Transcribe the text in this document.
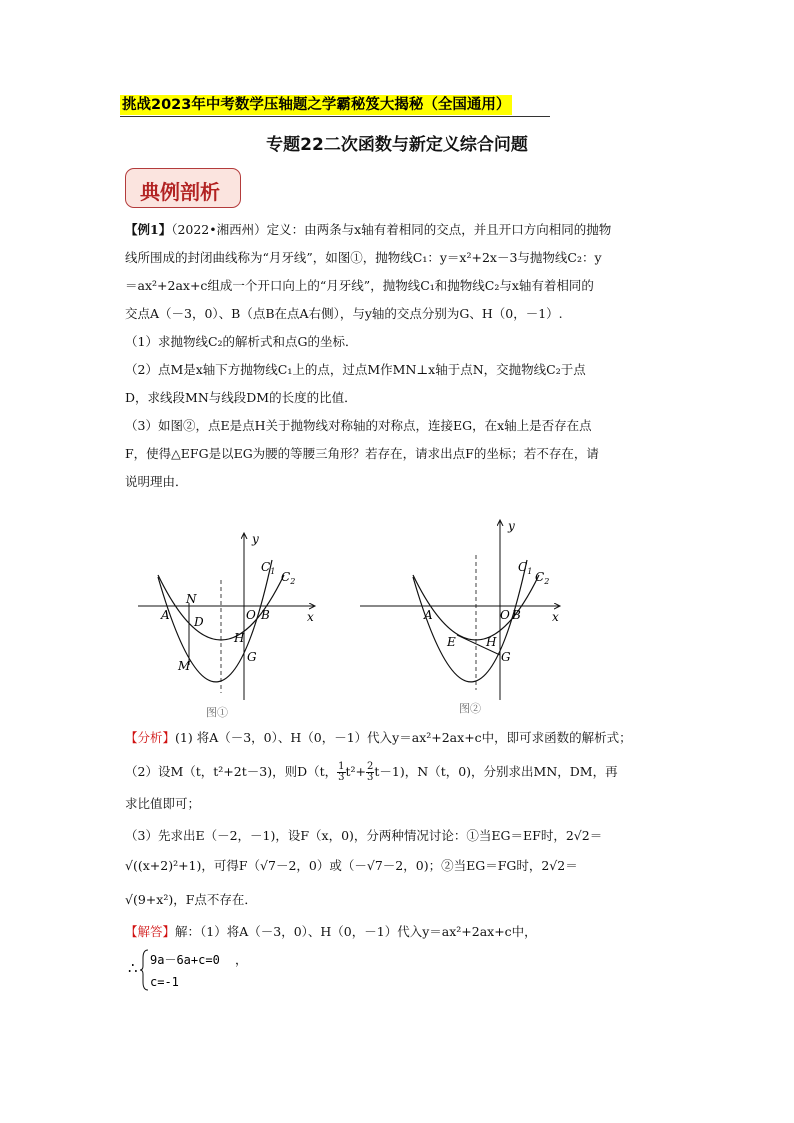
挑战2023年中考数学压轴题之学霸秘笈大揭秘（全国通用）
专题22二次函数与新定义综合问题
典例剖析
【例1】（2022•湘西州）定义：由两条与x轴有着相同的交点，并且开口方向相同的抛物
线所围成的封闭曲线称为“月牙线”，如图①，抛物线C₁：y＝x²+2x－3与抛物线C₂：y
＝ax²+2ax+c组成一个开口向上的“月牙线”，抛物线C₁和抛物线C₂与x轴有着相同的
交点A（－3，0）、B（点B在点A右侧），与y轴的交点分别为G、H（0，－1）.
（1）求抛物线C₂的解析式和点G的坐标．
（2）点M是x轴下方抛物线C₁上的点，过点M作MN⊥x轴于点N，交抛物线C₂于点
D，求线段MN与线段DM的长度的比值．
（3）如图②，点E是点H关于抛物线对称轴的对称点，连接EG，在x轴上是否存在点
F，使得△EFG是以EG为腰的等腰三角形？若存在，请求出点F的坐标；若不存在，请
说明理由．
y
x
O
A	B
N
D
H
G
M
$C_1$ $C_2$
图①
y
x
O
A	B
E	H
G
$C_1$ $C_2$
图②
【分析】(1) 将A（－3，0）、H（0，－1）代入y＝ax²+2ax+c中，即可求函数的解析式；
（2）设M（t，t²+2t－3)，则D（t， $\frac{1}{3} t^2+ \frac{2}{3} t-1$)，N（t，0)，分别求出MN，DM，再
求比值即可；
（3）先求出E（－2，－1)，设F（x，0)，分两种情况讨论：①当EG＝EF时，2√2＝
√((x+2)²+1)，可得F（√7－2，0）或（－√7－2，0)；②当EG＝FG时，2√2＝
√(9+x²)，F点不存在．
【解答】解：（1）将A（－3，0）、H（0，－1）代入y＝ax²+2ax+c中，
∴ 9a－6a+c=0
c=-1
，
